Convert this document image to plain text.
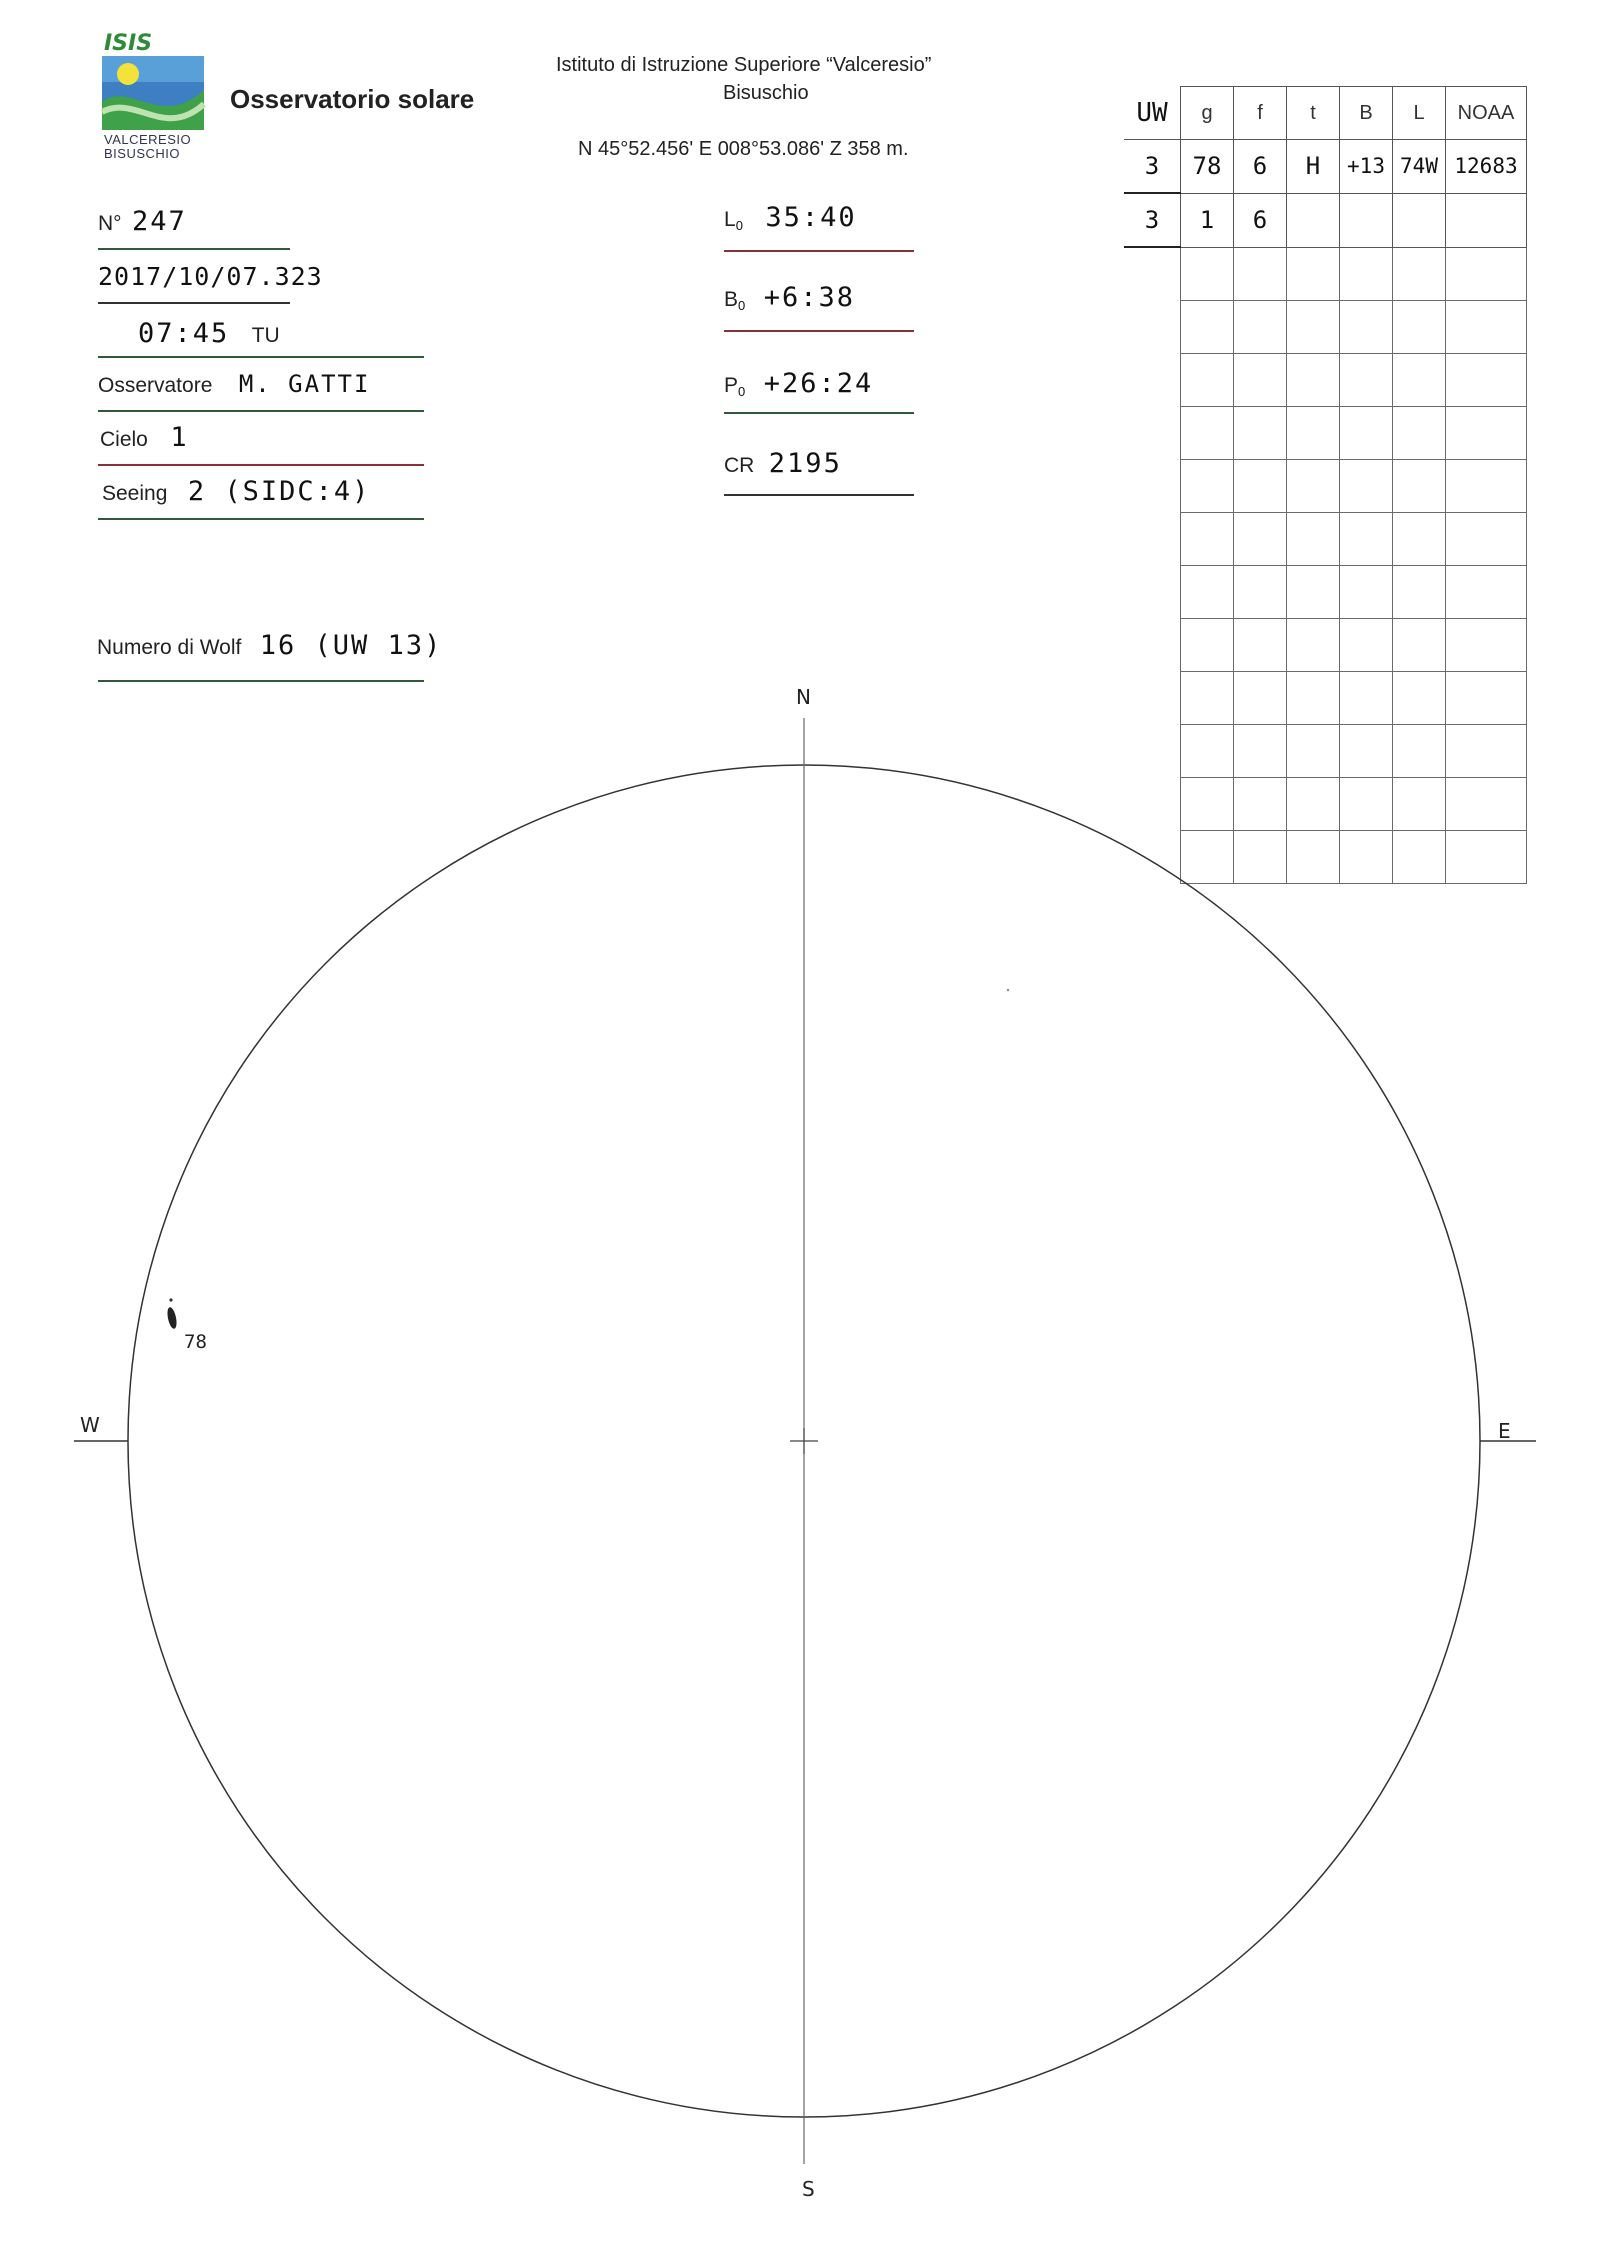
ISIS
Osservatorio solare
VALCERESIO
BISUSCHIO
Istituto di Istruzione Superiore “Valceresio”
Bisuschio
N 45°52.456' E 008°53.086' Z 358 m.
N° 247
2017/10/07.323
07:45 TU
Osservatore M. GATTI
Cielo 1
Seeing 2 (SIDC:4)
Numero di Wolf 16 (UW 13)
$L_0$ 35:40
$B_0$ +6:38
$P_0$ +26:24
CR 2195
UW	g	f	t	B	L	NOAA
3	78	6	H	+13	74W	12683
3	1	6				

N
S
W	E
78
